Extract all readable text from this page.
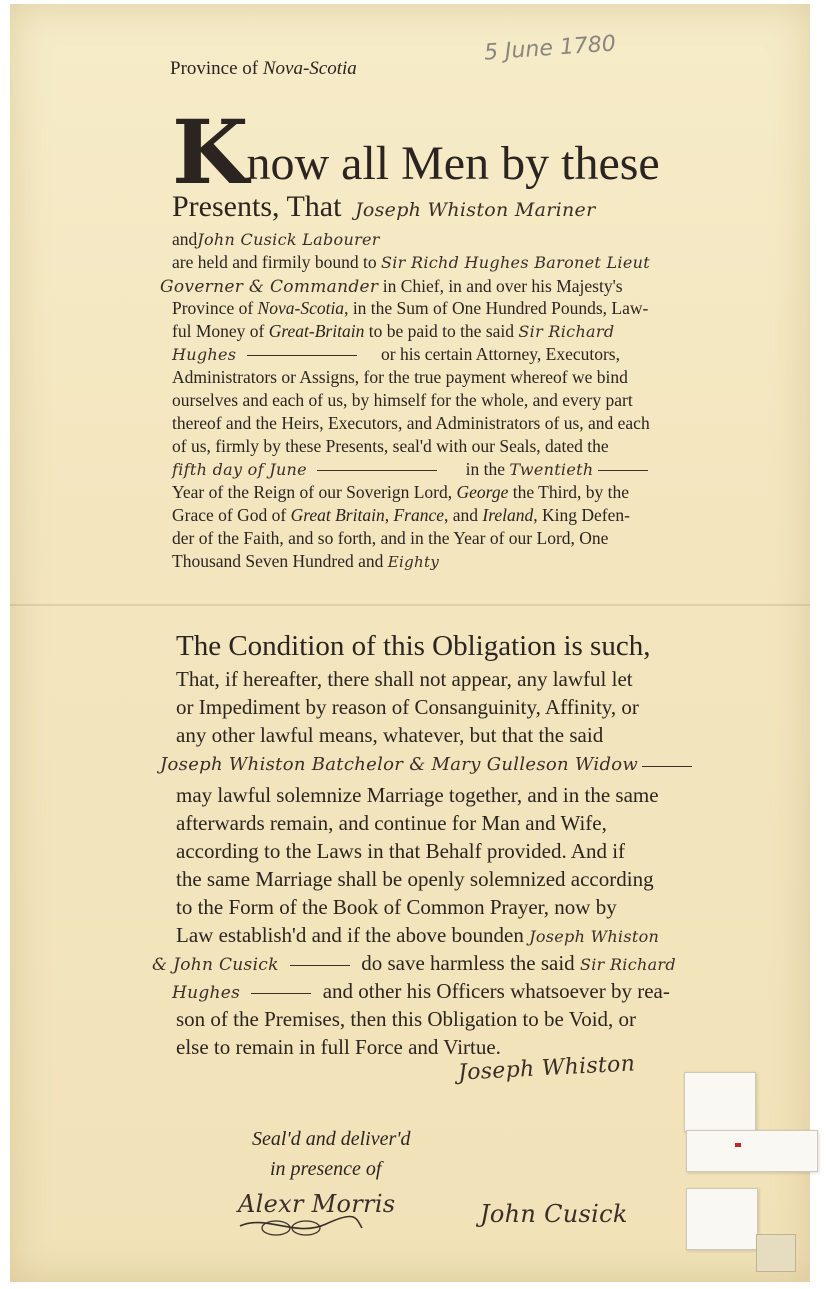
Province of Nova-Scotia
5 June 1780
Know all Men by these
Presents, That Joseph Whiston Mariner
andJohn Cusick Labourer
are held and firmily bound to Sir Richd Hughes Baronet Lieut
Governer & Commander in Chief, in and over his Majesty's
Province of Nova-Scotia, in the Sum of One Hundred Pounds, Law-
ful Money of Great-Britain to be paid to the said Sir Richard
Hughes	or his certain Attorney, Executors,
Administrators or Assigns, for the true payment whereof we bind
ourselves and each of us, by himself for the whole, and every part
thereof and the Heirs, Executors, and Administrators of us, and each
of us, firmly by these Presents, seal'd with our Seals, dated the
fifth day of June	in the Twentieth
Year of the Reign of our Soverign Lord, George the Third, by the
Grace of God of Great Britain, France, and Ireland, King Defen-
der of the Faith, and so forth, and in the Year of our Lord, One
Thousand Seven Hundred and Eighty
The Condition of this Obligation is such,
That, if hereafter, there shall not appear, any lawful let
or Impediment by reason of Consanguinity, Affinity, or
any other lawful means, whatever, but that the said
Joseph Whiston Batchelor & Mary Gulleson Widow
may lawful solemnize Marriage together, and in the same
afterwards remain, and continue for Man and Wife,
according to the Laws in that Behalf provided. And if
the same Marriage shall be openly solemnized according
to the Form of the Book of Common Prayer, now by
Law establish'd and if the above bounden Joseph Whiston
& John Cusick	do save harmless the said Sir Richard
Hughes	and other his Officers whatsoever by rea-
son of the Premises, then this Obligation to be Void, or
else to remain in full Force and Virtue.
Joseph Whiston
Seal'd and deliver'd
in presence of
Alexr Morris	John Cusick
